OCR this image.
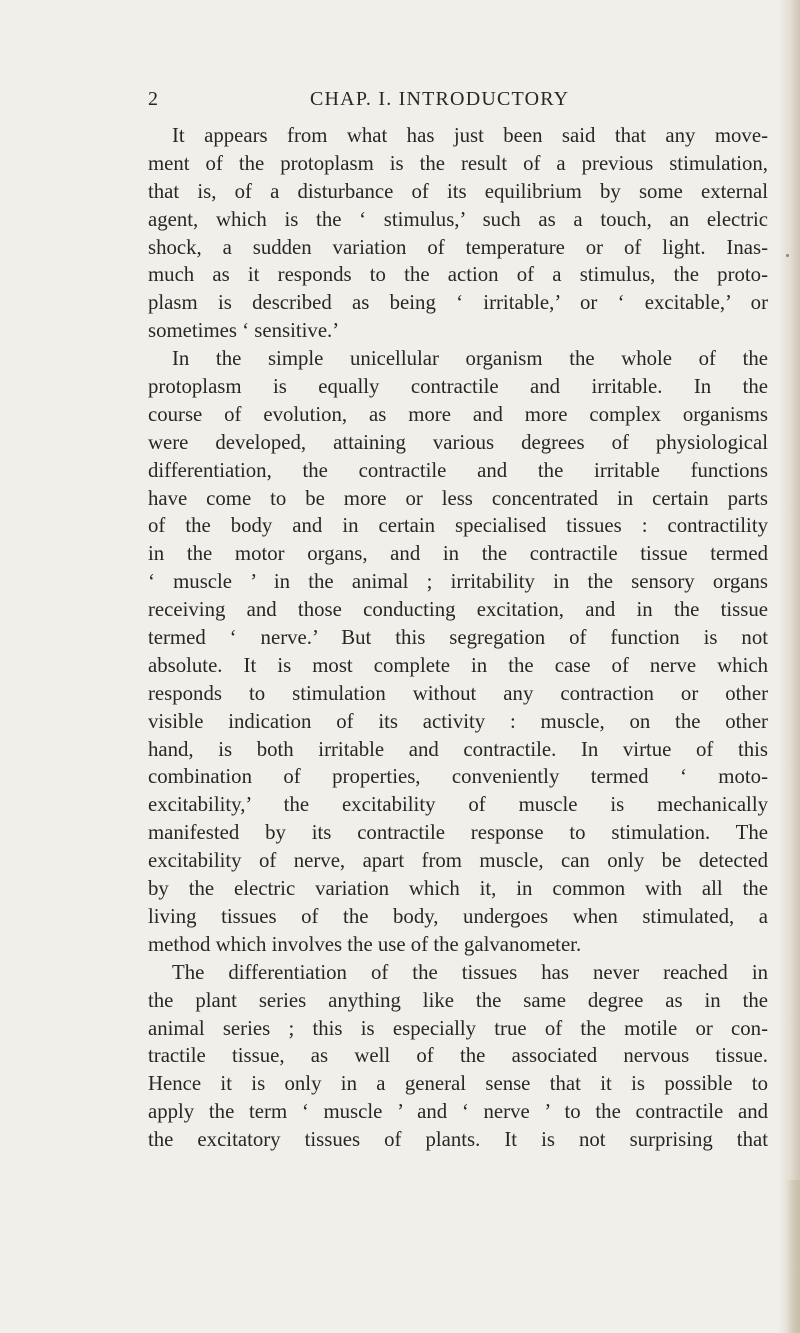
2	CHAP. I. INTRODUCTORY
It appears from what has just been said that any move-
ment of the protoplasm is the result of a previous stimulation,
that is, of a disturbance of its equilibrium by some external
agent, which is the ‘ stimulus,’ such as a touch, an electric
shock, a sudden variation of temperature or of light. Inas-
much as it responds to the action of a stimulus, the proto-
plasm is described as being ‘ irritable,’ or ‘ excitable,’ or
sometimes ‘ sensitive.’
In the simple unicellular organism the whole of the
protoplasm is equally contractile and irritable. In the
course of evolution, as more and more complex organisms
were developed, attaining various degrees of physiological
differentiation, the contractile and the irritable functions
have come to be more or less concentrated in certain parts
of the body and in certain specialised tissues : contractility
in the motor organs, and in the contractile tissue termed
‘ muscle ’ in the animal ; irritability in the sensory organs
receiving and those conducting excitation, and in the tissue
termed ‘ nerve.’ But this segregation of function is not
absolute. It is most complete in the case of nerve which
responds to stimulation without any contraction or other
visible indication of its activity : muscle, on the other
hand, is both irritable and contractile. In virtue of this
combination of properties, conveniently termed ‘ moto-
excitability,’ the excitability of muscle is mechanically
manifested by its contractile response to stimulation. The
excitability of nerve, apart from muscle, can only be detected
by the electric variation which it, in common with all the
living tissues of the body, undergoes when stimulated, a
method which involves the use of the galvanometer.
The differentiation of the tissues has never reached in
the plant series anything like the same degree as in the
animal series ; this is especially true of the motile or con-
tractile tissue, as well of the associated nervous tissue.
Hence it is only in a general sense that it is possible to
apply the term ‘ muscle ’ and ‘ nerve ’ to the contractile and
the excitatory tissues of plants. It is not surprising that
